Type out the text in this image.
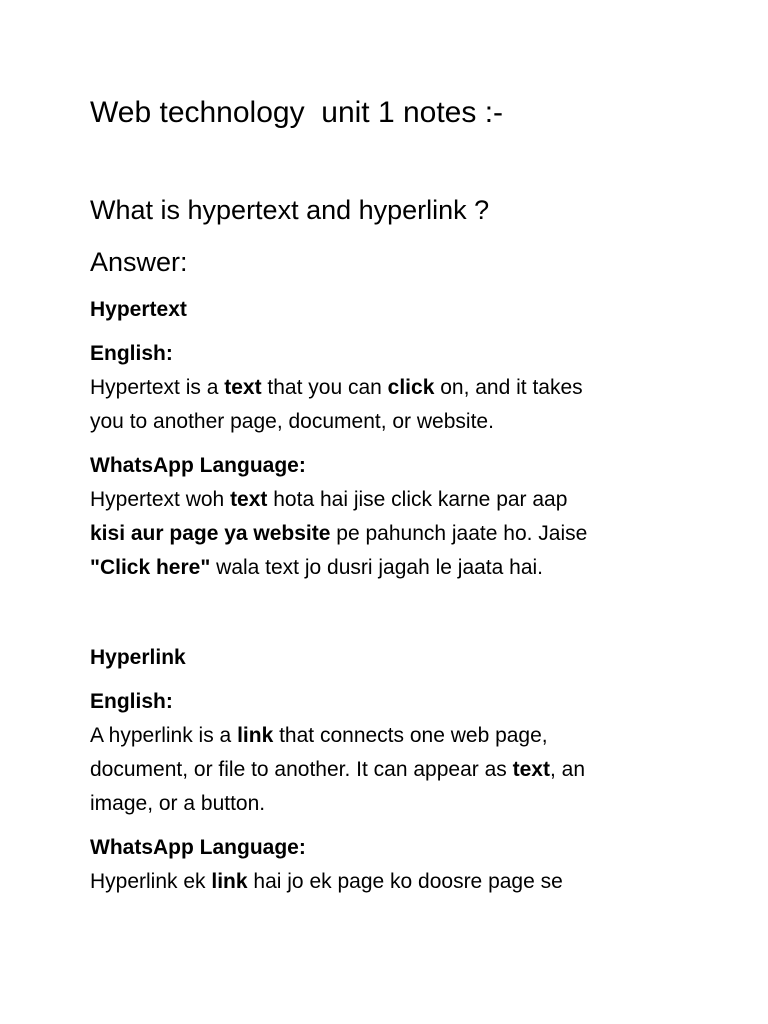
Web technology  unit 1 notes :-
What is hypertext and hyperlink ?
Answer:

Hypertext

English:

Hypertext is a text that you can click on, and it takes
you to another page, document, or website.

WhatsApp Language:

Hypertext woh text hota hai jise click karne par aap
kisi aur page ya website pe pahunch jaate ho. Jaise
"Click here" wala text jo dusri jagah le jaata hai.

Hyperlink

English:

A hyperlink is a link that connects one web page,
document, or file to another. It can appear as text, an
image, or a button.

WhatsApp Language:

Hyperlink ek link hai jo ek page ko doosre page se
